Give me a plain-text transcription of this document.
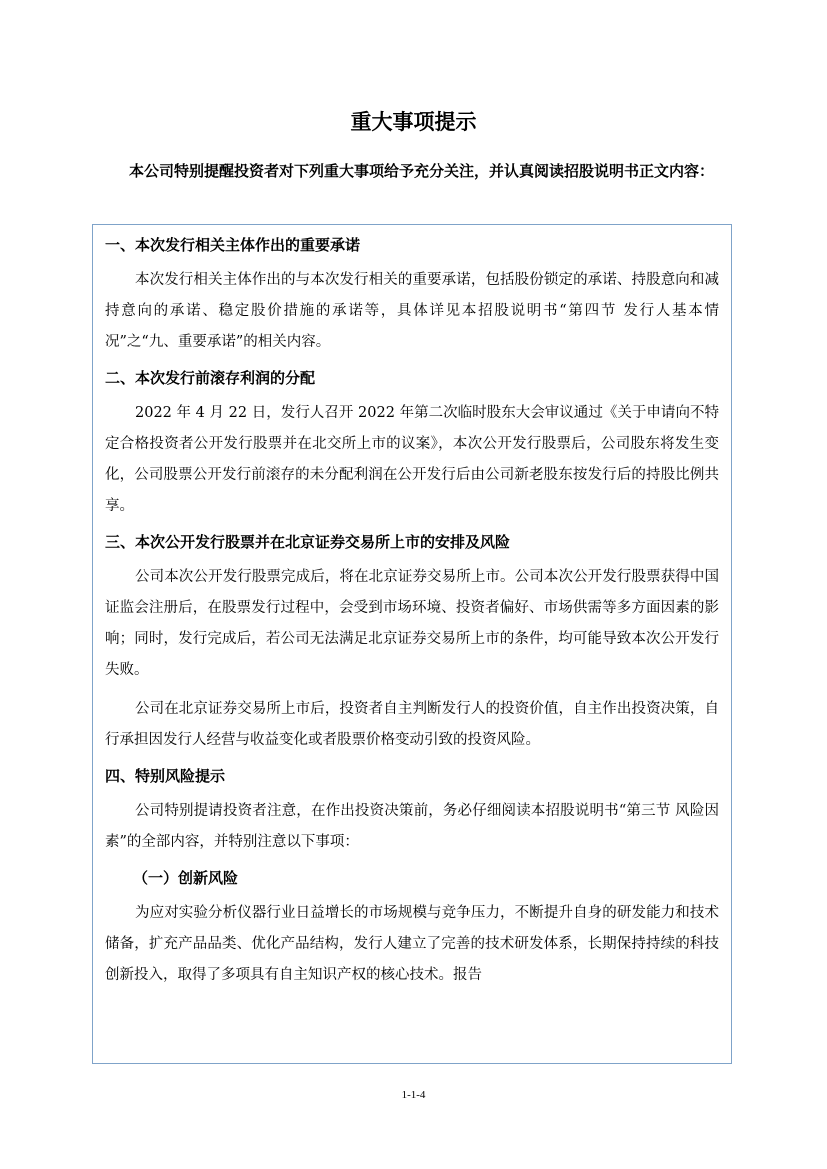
重大事项提示

本公司特别提醒投资者对下列重大事项给予充分关注，并认真阅读招股说明书正文内容：

一、本次发行相关主体作出的重要承诺

本次发行相关主体作出的与本次发行相关的重要承诺，包括股份锁定的承诺、持股意向和减持意向的承诺、稳定股价措施的承诺等，具体详见本招股说明书“第四节 发行人基本情况”之“九、重要承诺”的相关内容。

二、本次发行前滚存利润的分配

2022 年 4 月 22 日，发行人召开 2022 年第二次临时股东大会审议通过《关于申请向不特定合格投资者公开发行股票并在北交所上市的议案》，本次公开发行股票后，公司股东将发生变化，公司股票公开发行前滚存的未分配利润在公开发行后由公司新老股东按发行后的持股比例共享。

三、本次公开发行股票并在北京证券交易所上市的安排及风险

公司本次公开发行股票完成后，将在北京证券交易所上市。公司本次公开发行股票获得中国证监会注册后，在股票发行过程中，会受到市场环境、投资者偏好、市场供需等多方面因素的影响；同时，发行完成后，若公司无法满足北京证券交易所上市的条件，均可能导致本次公开发行失败。

公司在北京证券交易所上市后，投资者自主判断发行人的投资价值，自主作出投资决策，自行承担因发行人经营与收益变化或者股票价格变动引致的投资风险。

四、特别风险提示

公司特别提请投资者注意，在作出投资决策前，务必仔细阅读本招股说明书“第三节 风险因素”的全部内容，并特别注意以下事项：

（一）创新风险

为应对实验分析仪器行业日益增长的市场规模与竞争压力，不断提升自身的研发能力和技术储备，扩充产品品类、优化产品结构，发行人建立了完善的技术研发体系，长期保持持续的科技创新投入，取得了多项具有自主知识产权的核心技术。报告

1-1-4
